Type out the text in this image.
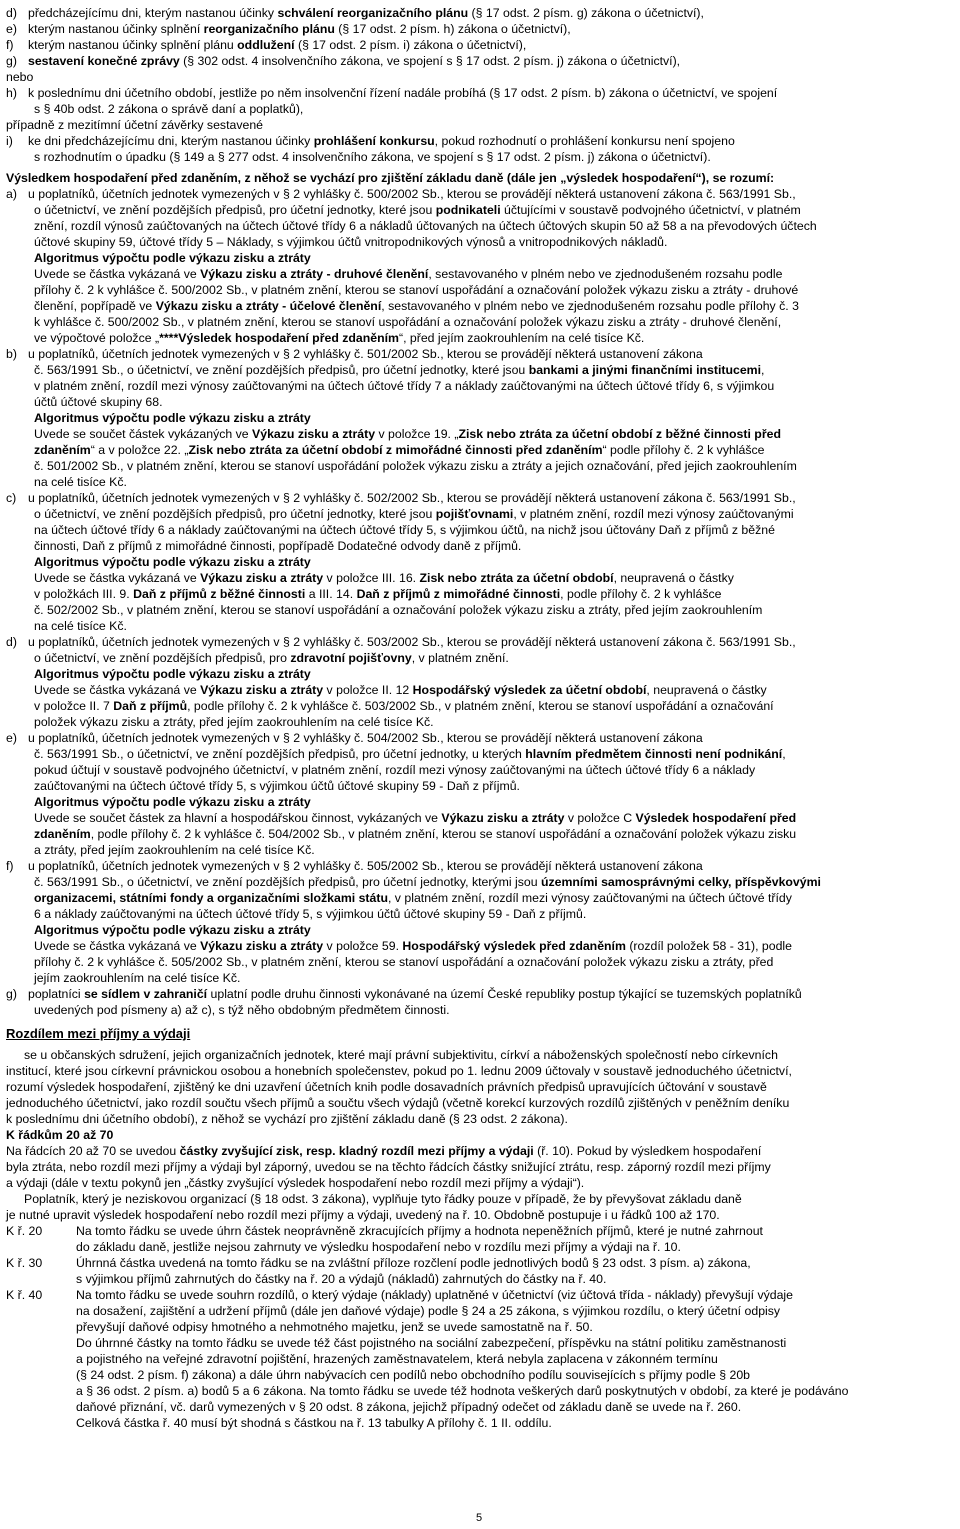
d) předcházejícímu dni, kterým nastanou účinky schválení reorganizačního plánu (§ 17 odst. 2 písm. g) zákona o účetnictví),
e) kterým nastanou účinky splnění reorganizačního plánu (§ 17 odst. 2 písm. h) zákona o účetnictví),
f) kterým nastanou účinky splnění plánu oddlužení (§ 17 odst. 2 písm. i) zákona o účetnictví),
g) sestavení konečné zprávy (§ 302 odst. 4 insolvenčního zákona, ve spojení s § 17 odst. 2 písm. j) zákona o účetnictví),
nebo
h) k poslednímu dni účetního období, jestliže po něm insolvenční řízení nadále probíhá (§ 17 odst. 2 písm. b) zákona o účetnictví, ve spojení
s § 40b odst. 2 zákona o správě daní a poplatků),
případně z mezitímní účetní závěrky sestavené
i) ke dni předcházejícímu dni, kterým nastanou účinky prohlášení konkursu, pokud rozhodnutí o prohlášení konkursu není spojeno
s rozhodnutím o úpadku (§ 149 a § 277 odst. 4 insolvenčního zákona, ve spojení s § 17 odst. 2 písm. j) zákona o účetnictví).
Výsledkem hospodaření před zdaněním, z něhož se vychází pro zjištění základu daně (dále jen „výsledek hospodaření“), se rozumí:
a) u poplatníků, účetních jednotek vymezených v § 2 vyhlášky č. 500/2002 Sb., kterou se provádějí některá ustanovení zákona č. 563/1991 Sb.,
o účetnictví, ve znění pozdějších předpisů, pro účetní jednotky, které jsou podnikateli účtujícími v soustavě podvojného účetnictví, v platném
znění, rozdíl výnosů zaúčtovaných na účtech účtové třídy 6 a nákladů účtovaných na účtech účtových skupin 50 až 58 a na převodových účtech
účtové skupiny 59, účtové třídy 5 – Náklady, s výjimkou účtů vnitropodnikových výnosů a vnitropodnikových nákladů.
Algoritmus výpočtu podle výkazu zisku a ztráty
Uvede se částka vykázaná ve Výkazu zisku a ztráty - druhové členění, sestavovaného v plném nebo ve zjednodušeném rozsahu podle
přílohy č. 2 k vyhlášce č. 500/2002 Sb., v platném znění, kterou se stanoví uspořádání a označování položek výkazu zisku a ztráty - druhové
členění, popřípadě ve Výkazu zisku a ztráty - účelové členění, sestavovaného v plném nebo ve zjednodušeném rozsahu podle přílohy č. 3
k vyhlášce č. 500/2002 Sb., v platném znění, kterou se stanoví uspořádání a označování položek výkazu zisku a ztráty - druhové členění,
ve výpočtové položce „****Výsledek hospodaření před zdaněním“, před jejím zaokrouhlením na celé tisíce Kč.
b) u poplatníků, účetních jednotek vymezených v § 2 vyhlášky č. 501/2002 Sb., kterou se provádějí některá ustanovení zákona
č. 563/1991 Sb., o účetnictví, ve znění pozdějších předpisů, pro účetní jednotky, které jsou bankami a jinými finančními institucemi,
v platném znění, rozdíl mezi výnosy zaúčtovanými na účtech účtové třídy 7 a náklady zaúčtovanými na účtech účtové třídy 6, s výjimkou
účtů účtové skupiny 68.
Algoritmus výpočtu podle výkazu zisku a ztráty
Uvede se součet částek vykázaných ve Výkazu zisku a ztráty v položce 19. „Zisk nebo ztráta za účetní období z běžné činnosti před
zdaněním“ a v položce 22. „Zisk nebo ztráta za účetní období z mimořádné činnosti před zdaněním“ podle přílohy č. 2 k vyhlášce
č. 501/2002 Sb., v platném znění, kterou se stanoví uspořádání položek výkazu zisku a ztráty a jejich označování, před jejich zaokrouhlením
na celé tisíce Kč.
c) u poplatníků, účetních jednotek vymezených v § 2 vyhlášky č. 502/2002 Sb., kterou se provádějí některá ustanovení zákona č. 563/1991 Sb.,
o účetnictví, ve znění pozdějších předpisů, pro účetní jednotky, které jsou pojišťovnami, v platném znění, rozdíl mezi výnosy zaúčtovanými
na účtech účtové třídy 6 a náklady zaúčtovanými na účtech účtové třídy 5, s výjimkou účtů, na nichž jsou účtovány Daň z příjmů z běžné
činnosti, Daň z příjmů z mimořádné činnosti, popřípadě Dodatečné odvody daně z příjmů.
Algoritmus výpočtu podle výkazu zisku a ztráty
Uvede se částka vykázaná ve Výkazu zisku a ztráty v položce III. 16. Zisk nebo ztráta za účetní období, neupravená o částky
v položkách III. 9. Daň z příjmů z běžné činnosti a III. 14. Daň z příjmů z mimořádné činnosti, podle přílohy č. 2 k vyhlášce
č. 502/2002 Sb., v platném znění, kterou se stanoví uspořádání a označování položek výkazu zisku a ztráty, před jejím zaokrouhlením
na celé tisíce Kč.
d) u poplatníků, účetních jednotek vymezených v § 2 vyhlášky č. 503/2002 Sb., kterou se provádějí některá ustanovení zákona č. 563/1991 Sb.,
o účetnictví, ve znění pozdějších předpisů, pro zdravotní pojišťovny, v platném znění.
Algoritmus výpočtu podle výkazu zisku a ztráty
Uvede se částka vykázaná ve Výkazu zisku a ztráty v položce II. 12 Hospodářský výsledek za účetní období, neupravená o částky
v položce II. 7 Daň z příjmů, podle přílohy č. 2 k vyhlášce č. 503/2002 Sb., v platném znění, kterou se stanoví uspořádání a označování
položek výkazu zisku a ztráty, před jejím zaokrouhlením na celé tisíce Kč.
e) u poplatníků, účetních jednotek vymezených v § 2 vyhlášky č. 504/2002 Sb., kterou se provádějí některá ustanovení zákona
č. 563/1991 Sb., o účetnictví, ve znění pozdějších předpisů, pro účetní jednotky, u kterých hlavním předmětem činnosti není podnikání,
pokud účtují v soustavě podvojného účetnictví, v platném znění, rozdíl mezi výnosy zaúčtovanými na účtech účtové třídy 6 a náklady
zaúčtovanými na účtech účtové třídy 5, s výjimkou účtů účtové skupiny 59 - Daň z příjmů.
Algoritmus výpočtu podle výkazu zisku a ztráty
Uvede se součet částek za hlavní a hospodářskou činnost, vykázaných ve Výkazu zisku a ztráty v položce C Výsledek hospodaření před
zdaněním, podle přílohy č. 2 k vyhlášce č. 504/2002 Sb., v platném znění, kterou se stanoví uspořádání a označování položek výkazu zisku
a ztráty, před jejím zaokrouhlením na celé tisíce Kč.
f) u poplatníků, účetních jednotek vymezených v § 2 vyhlášky č. 505/2002 Sb., kterou se provádějí některá ustanovení zákona
č. 563/1991 Sb., o účetnictví, ve znění pozdějších předpisů, pro účetní jednotky, kterými jsou územními samosprávnými celky, příspěvkovými
organizacemi, státními fondy a organizačními složkami státu, v platném znění, rozdíl mezi výnosy zaúčtovanými na účtech účtové třídy
6 a náklady zaúčtovanými na účtech účtové třídy 5, s výjimkou účtů účtové skupiny 59 - Daň z příjmů.
Algoritmus výpočtu podle výkazu zisku a ztráty
Uvede se částka vykázaná ve Výkazu zisku a ztráty v položce 59. Hospodářský výsledek před zdaněním (rozdíl položek 58 - 31), podle
přílohy č. 2 k vyhlášce č. 505/2002 Sb., v platném znění, kterou se stanoví uspořádání a označování položek výkazu zisku a ztráty, před
jejím zaokrouhlením na celé tisíce Kč.
g) poplatníci se sídlem v zahraničí uplatní podle druhu činnosti vykonávané na území České republiky postup týkající se tuzemských poplatníků
uvedených pod písmeny a) až c), s týž něho obdobným předmětem činnosti.
Rozdílem mezi příjmy a výdaji
se u občanských sdružení, jejich organizačních jednotek, které mají právní subjektivitu, církví a náboženských společností nebo církevních
institucí, které jsou církevní právnickou osobou a honebních společenstev, pokud po 1. lednu 2009 účtovaly v soustavě jednoduchého účetnictví,
rozumí výsledek hospodaření, zjištěný ke dni uzavření účetních knih podle dosavadních právních předpisů upravujících účtování v soustavě
jednoduchého účetnictví, jako rozdíl součtu všech příjmů a součtu všech výdajů (včetně korekcí kurzových rozdílů zjištěných v peněžním deníku
k poslednímu dni účetního období), z něhož se vychází pro zjištění základu daně (§ 23 odst. 2 zákona).
K řádkům 20 až 70
Na řádcích 20 až 70 se uvedou částky zvyšující zisk, resp. kladný rozdíl mezi příjmy a výdaji (ř. 10). Pokud by výsledkem hospodaření
byla ztráta, nebo rozdíl mezi příjmy a výdaji byl záporný, uvedou se na těchto řádcích částky snižující ztrátu, resp. záporný rozdíl mezi příjmy
a výdaji (dále v textu pokynů jen „částky zvyšující výsledek hospodaření nebo rozdíl mezi příjmy a výdaji“).
Poplatník, který je neziskovou organizací (§ 18 odst. 3 zákona), vyplňuje tyto řádky pouze v případě, že by převyšovat základu daně
je nutné upravit výsledek hospodaření nebo rozdíl mezi příjmy a výdaji, uvedený na ř. 10. Obdobně postupuje i u řádků 100 až 170.
K ř. 20	Na tomto řádku se uvede úhrn částek neoprávněně zkracujících příjmy a hodnota nepeněžních příjmů, které je nutné zahrnout
do základu daně, jestliže nejsou zahrnuty ve výsledku hospodaření nebo v rozdílu mezi příjmy a výdaji na ř. 10.
K ř. 30	Úhrnná částka uvedená na tomto řádku se na zvláštní příloze rozčlení podle jednotlivých bodů § 23 odst. 3 písm. a) zákona,
s výjimkou příjmů zahrnutých do částky na ř. 20 a výdajů (nákladů) zahrnutých do částky na ř. 40.
K ř. 40	Na tomto řádku se uvede souhrn rozdílů, o který výdaje (náklady) uplatněné v účetnictví (viz účtová třída - náklady) převyšují výdaje
na dosažení, zajištění a udržení příjmů (dále jen daňové výdaje) podle § 24 a 25 zákona, s výjimkou rozdílu, o který účetní odpisy
převyšují daňové odpisy hmotného a nehmotného majetku, jenž se uvede samostatně na ř. 50.
Do úhrnné částky na tomto řádku se uvede též část pojistného na sociální zabezpečení, příspěvku na státní politiku zaměstnanosti
a pojistného na veřejné zdravotní pojištění, hrazených zaměstnavatelem, která nebyla zaplacena v zákonném termínu
(§ 24 odst. 2 písm. f) zákona) a dále úhrn nabývacích cen podílů nebo obchodního podílu souvisejících s příjmy podle § 20b
a § 36 odst. 2 písm. a) bodů 5 a 6 zákona. Na tomto řádku se uvede též hodnota veškerých darů poskytnutých v období, za které je podáváno
daňové přiznání, vč. darů vymezených v § 20 odst. 8 zákona, jejichž případný odečet od základu daně se uvede na ř. 260.
Celková částka ř. 40 musí být shodná s částkou na ř. 13 tabulky A přílohy č. 1 II. oddílu.
5
